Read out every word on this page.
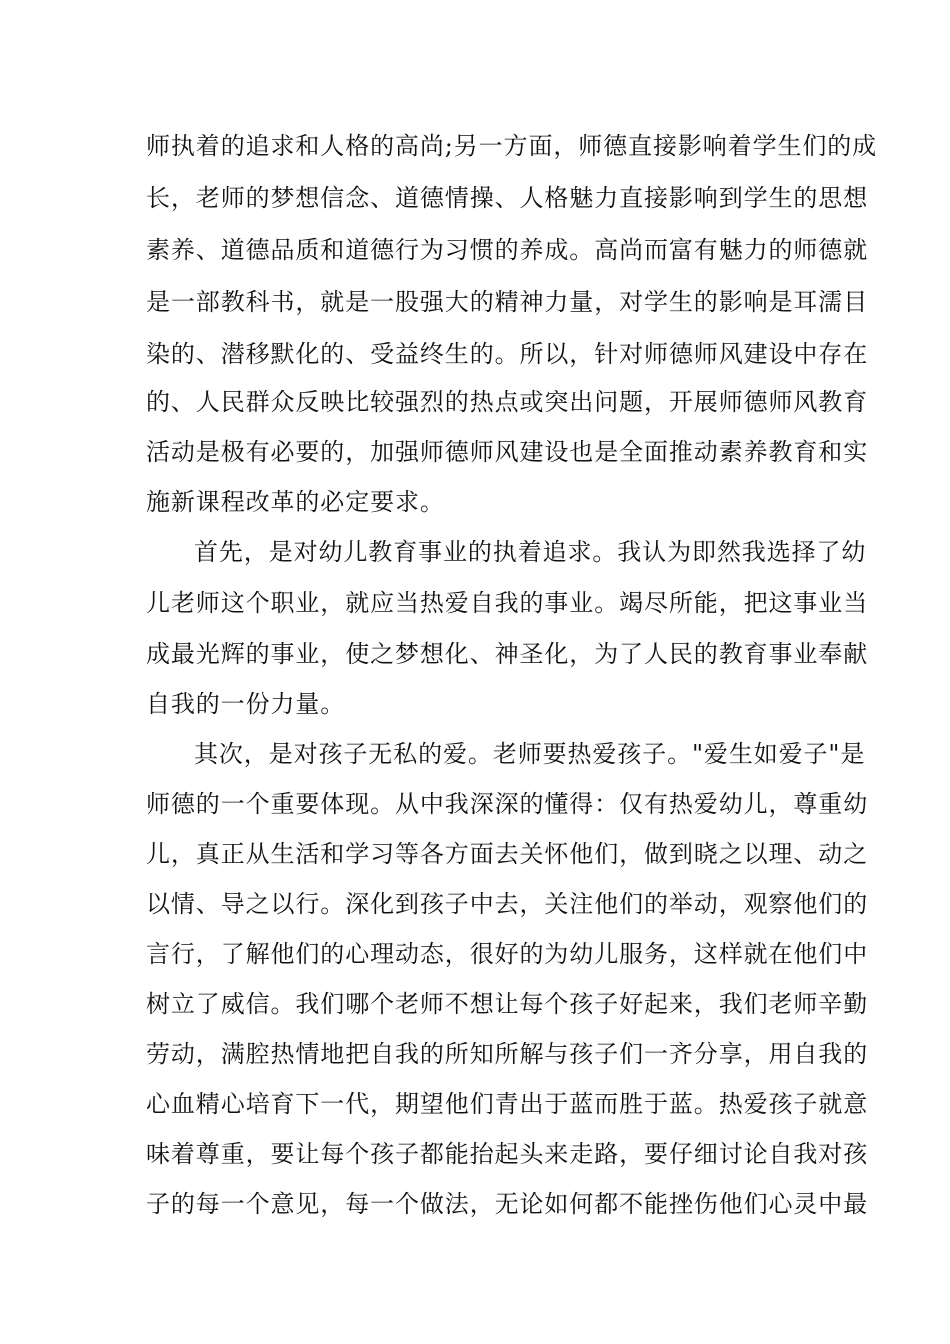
师执着的追求和人格的高尚;另一方面，师德直接影响着学生们的成
长，老师的梦想信念、道德情操、人格魅力直接影响到学生的思想
素养、道德品质和道德行为习惯的养成。高尚而富有魅力的师德就
是一部教科书，就是一股强大的精神力量，对学生的影响是耳濡目
染的、潜移默化的、受益终生的。所以，针对师德师风建设中存在
的、人民群众反映比较强烈的热点或突出问题，开展师德师风教育
活动是极有必要的，加强师德师风建设也是全面推动素养教育和实
施新课程改革的必定要求。
首先，是对幼儿教育事业的执着追求。我认为即然我选择了幼
儿老师这个职业，就应当热爱自我的事业。竭尽所能，把这事业当
成最光辉的事业，使之梦想化、神圣化，为了人民的教育事业奉献
自我的一份力量。
其次，是对孩子无私的爱。老师要热爱孩子。"爱生如爱子"是
师德的一个重要体现。从中我深深的懂得：仅有热爱幼儿，尊重幼
儿，真正从生活和学习等各方面去关怀他们，做到晓之以理、动之
以情、导之以行。深化到孩子中去，关注他们的举动，观察他们的
言行，了解他们的心理动态，很好的为幼儿服务，这样就在他们中
树立了威信。我们哪个老师不想让每个孩子好起来，我们老师辛勤
劳动，满腔热情地把自我的所知所解与孩子们一齐分享，用自我的
心血精心培育下一代，期望他们青出于蓝而胜于蓝。热爱孩子就意
味着尊重，要让每个孩子都能抬起头来走路，要仔细讨论自我对孩
子的每一个意见，每一个做法，无论如何都不能挫伤他们心灵中最
